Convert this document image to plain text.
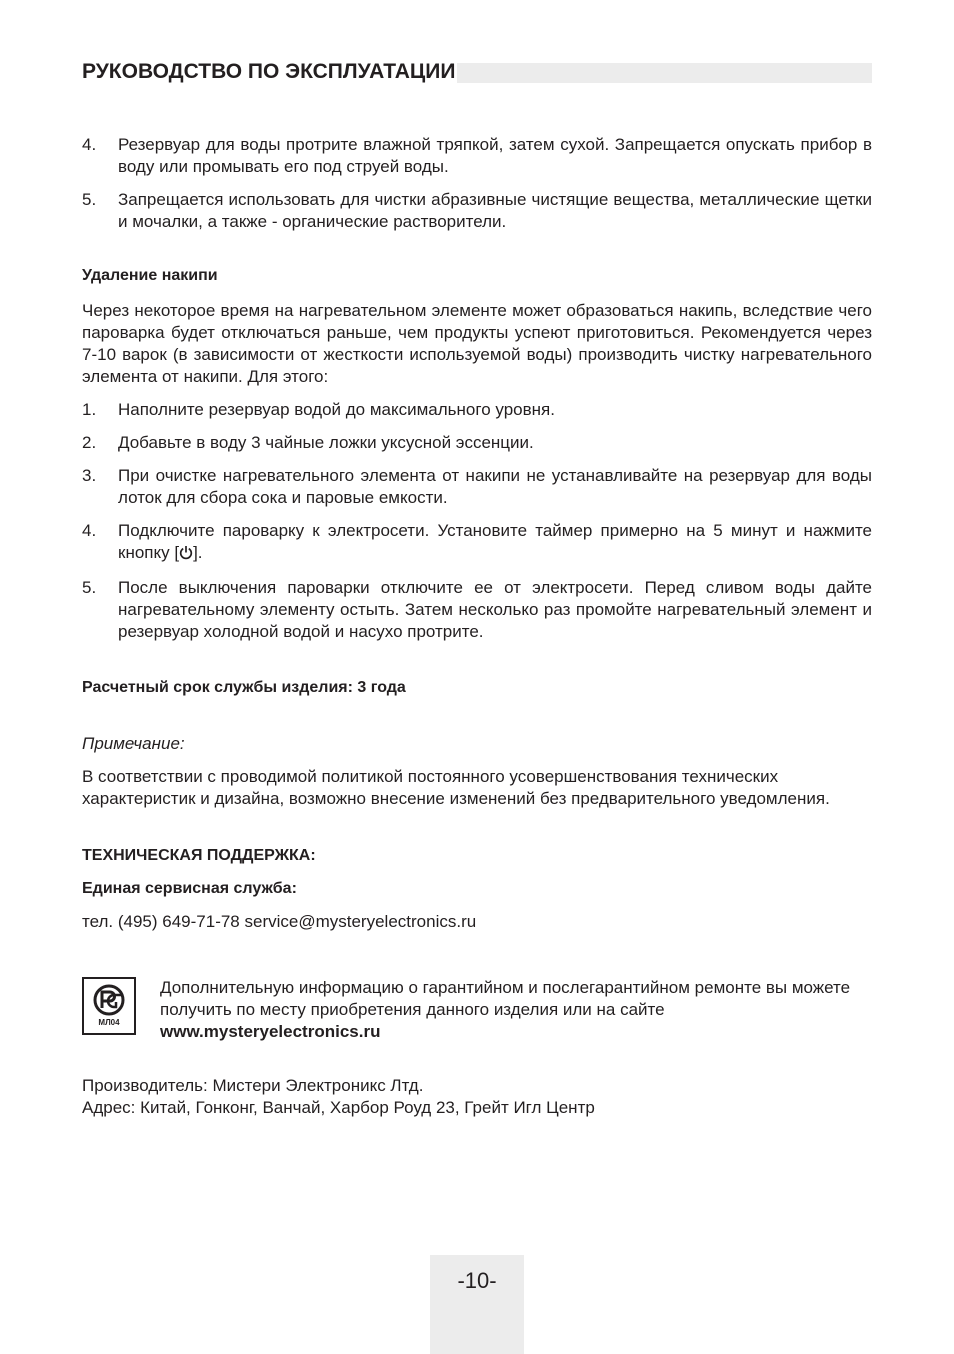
РУКОВОДСТВО ПО ЭКСПЛУАТАЦИИ
4. Резервуар для воды протрите влажной тряпкой, затем сухой. Запрещается опускать прибор в воду или промывать его под струей воды.
5. Запрещается использовать для чистки абразивные чистящие вещества, металлические щетки и мочалки, а также - органические растворители.

Удаление накипи

Через некоторое время на нагревательном элементе может образоваться накипь, вследствие чего пароварка будет отключаться раньше, чем продукты успеют приготовиться. Рекомендуется через 7-10 варок (в зависимости от жесткости используемой воды) производить чистку нагревательного элемента от накипи. Для этого:

1. Наполните резервуар водой до максимального уровня.
2. Добавьте в воду 3 чайные ложки уксусной эссенции.
3. При очистке нагревательного элемента от накипи не устанавливайте на резервуар для воды лоток для сбора сока и паровые емкости.
4. Подключите пароварку к электросети. Установите таймер примерно на 5 минут и нажмите кнопку [ ].
5. После выключения пароварки отключите ее от электросети. Перед сливом воды дайте нагревательному элементу остыть. Затем несколько раз промойте нагревательный элемент и резервуар холодной водой и насухо протрите.

Расчетный срок службы изделия: 3 года

Примечание:

В соответствии с проводимой политикой постоянного усовершенствования технических характеристик и дизайна, возможно внесение изменений без предварительного уведомления.

ТЕХНИЧЕСКАЯ ПОДДЕРЖКА:

Единая сервисная служба:

тел. (495) 649-71-78 service@mysteryelectronics.ru

МЛ04
Дополнительную информацию о гарантийном и послегарантийном ремонте вы можете получить по месту приобретения данного изделия или на сайте
www.mysteryelectronics.ru

Производитель: Мистери Электроникс Лтд.

Адрес: Китай, Гонконг, Ванчай, Харбор Роуд 23, Грейт Игл Центр

-10-
